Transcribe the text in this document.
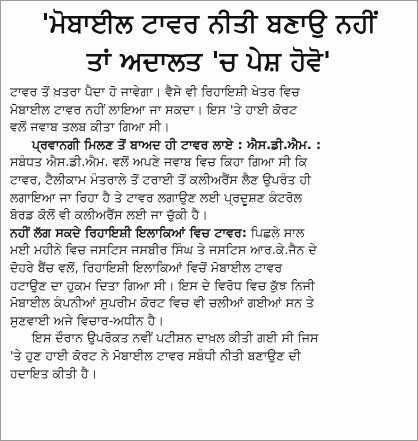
'ਮੋਬਾਈਲ ਟਾਵਰ ਨੀਤੀ ਬਣਾਉ ਨਹੀਂ
ਤਾਂ ਅਦਾਲਤ 'ਚ ਪੇਸ਼ ਹੋਵੋ'

ਟਾਵਰ ਤੋਂ ਖ਼ਤਰਾ ਪੈਦਾ ਹੋ ਜਾਵੇਗਾ। ਵੈਸੇ ਵੀ ਰਿਹਾਇਸ਼ੀ ਖੇਤਰ ਵਿਚ
ਮੋਬਾਈਲ ਟਾਵਰ ਨਹੀਂ ਲਾਇਆ ਜਾ ਸਕਦਾ। ਇਸ 'ਤੇ ਹਾਈ ਕੋਰਟ
ਵਲੋਂ ਜਵਾਬ ਤਲਬ ਕੀਤਾ ਗਿਆ ਸੀ।

ਪ੍ਰਵਾਨਗੀ ਮਿਲਣ ਤੋਂ ਬਾਅਦ ਹੀ ਟਾਵਰ ਲਾਏ : ਐਸ.ਡੀ.ਐਮ. :
ਸਬੰਧਤ ਐਸ.ਡੀ.ਐਮ. ਵਲੋਂ ਅਪਣੇ ਜਵਾਬ ਵਿਚ ਕਿਹਾ ਗਿਆ ਸੀ ਕਿ
ਟਾਵਰ, ਟੈਲੀਕਾਮ ਮੰਤਰਾਲੇ ਤੋਂ ਟਰਾਈ ਤੋਂ ਕਲੀਅਰੈਂਸ ਲੈਣ ਉਪਰੰਤ ਹੀ
ਲਗਾਇਆ ਜਾ ਰਿਹਾ ਹੈ ਤੇ ਟਾਵਰ ਲਗਾਉਣ ਲਈ ਪ੍ਰਦੂਸ਼ਣ ਕੰਟਰੋਲ
ਬੋਰਡ ਕੋਲੋਂ ਵੀ ਕਲੀਅਰੈਂਸ ਲਈ ਜਾ ਚੁੱਕੀ ਹੈ।

ਨਹੀਂ ਲੱਗ ਸਕਦੇ ਰਿਹਾਇਸ਼ੀ ਇਲਾਕਿਆਂ ਵਿਚ ਟਾਵਰ: ਪਿਛਲੇ ਸਾਲ
ਮਈ ਮਹੀਨੇ ਵਿਚ ਜਸਟਿਸ ਜਸਬੀਰ ਸਿੰਘ ਤੇ ਜਸਟਿਸ ਆਰ.ਕੇ.ਜੈਨ ਦੇ
ਦੋਹਰੇ ਬੈਂਚ ਵਲੋਂ, ਰਿਹਾਇਸ਼ੀ ਇਲਾਕਿਆਂ ਵਿਚੋਂ ਮੋਬਾਈਲ ਟਾਵਰ
ਹਟਾਉਣ ਦਾ ਹੁਕਮ ਦਿਤਾ ਗਿਆ ਸੀ। ਇਸ ਦੇ ਵਿਰੋਧ ਵਿਚ ਕੁੱਝ ਨਿਜੀ
ਮੋਬਾਈਲ ਕੰਪਨੀਆਂ ਸੁਪਰੀਮ ਕੋਰਟ ਵਿਚ ਵੀ ਚਲੀਆਂ ਗਈਆਂ ਸਨ ਤੇ
ਸੁਣਵਾਈ ਅਜੇ ਵਿਚਾਰ-ਅਧੀਨ ਹੈ।

ਇਸ ਦੌਰਾਨ ਉਪਰੋਕਤ ਨਵੀਂ ਪਟੀਸ਼ਨ ਦਾਖ਼ਲ ਕੀਤੀ ਗਈ ਸੀ ਜਿਸ
'ਤੇ ਹੁਣ ਹਾਈ ਕੋਰਟ ਨੇ ਮੋਬਾਈਲ ਟਾਵਰ ਸਬੰਧੀ ਨੀਤੀ ਬਣਾਉਣ ਦੀ
ਹਦਾਇਤ ਕੀਤੀ ਹੈ।
